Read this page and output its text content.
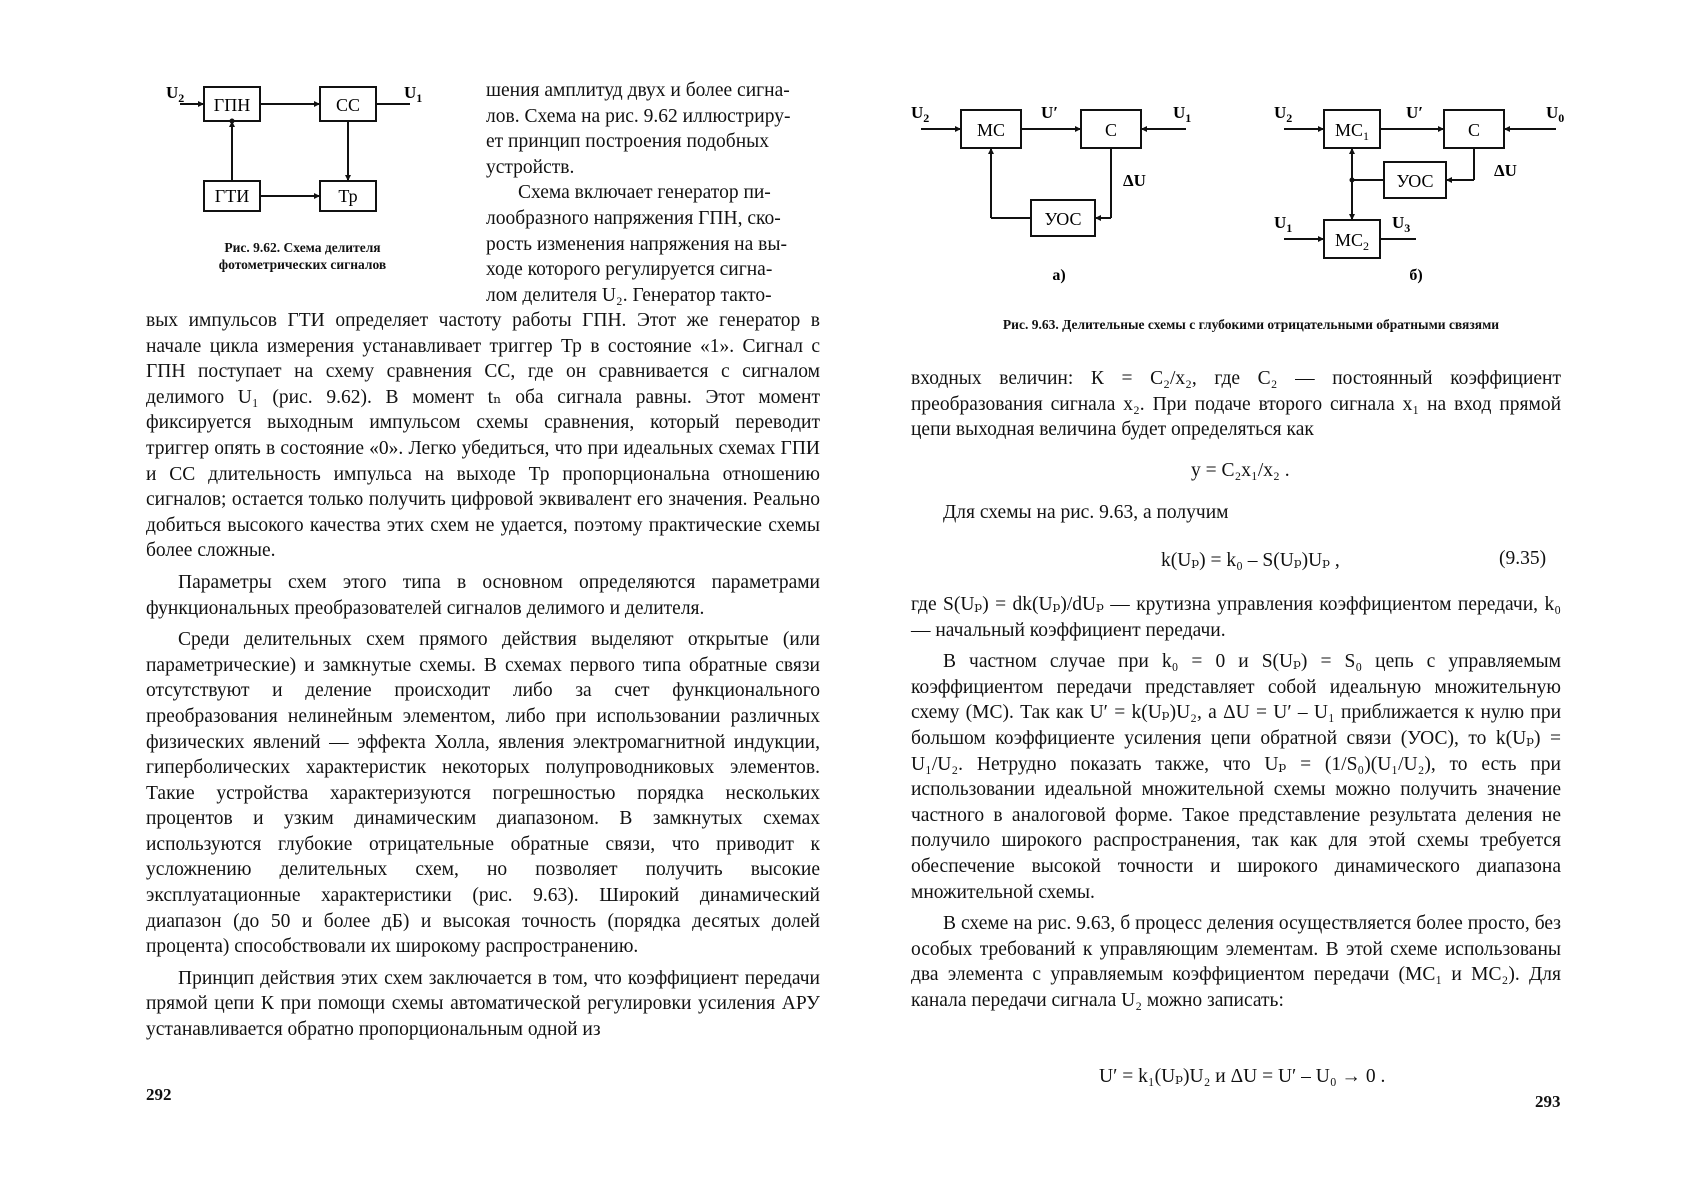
$U_2$	$U_1$
ГПН	СС
ГТИ	Тр
Рис. 9.62. Схема делителя
фотометрических сигналов
шения амплитуд двух и более сигна-
лов. Схема на рис. 9.62 иллюстриру-
ет принцип построения подобных
устройств.
Схема включает генератор пи-
лообразного напряжения ГПН, ско-
рость изменения напряжения на вы-
ходе которого регулируется сигна-
лом делителя U₂. Генератор такто-

вых импульсов ГТИ определяет частоту работы ГПН. Этот же генератор в начале цикла измерения устанавливает триггер Тр в состояние «1». Сигнал с ГПН поступает на схему сравнения СС, где он сравнивается с сигналом делимого U₁ (рис. 9.62). В момент tₙ оба сигнала равны. Этот момент фиксируется выходным импульсом схемы сравнения, который переводит триггер опять в состояние «0». Легко убедиться, что при идеальных схемах ГПИ и СС длительность импульса на выходе Тр пропорциональна отношению сигналов; остается только получить цифровой эквивалент его значения. Реально добиться высокого качества этих схем не удается, поэтому практические схемы более сложные.

Параметры схем этого типа в основном определяются параметрами функциональных преобразователей сигналов делимого и делителя.

Среди делительных схем прямого действия выделяют открытые (или параметрические) и замкнутые схемы. В схемах первого типа обратные связи отсутствуют и деление происходит либо за счет функционального преобразования нелинейным элементом, либо при использовании различных физических явлений — эффекта Холла, явления электромагнитной индукции, гиперболических характеристик некоторых полупроводниковых элементов. Такие устройства характеризуются погрешностью порядка нескольких процентов и узким динамическим диапазоном. В замкнутых схемах используются глубокие отрицательные обратные связи, что приводит к усложнению делительных схем, но позволяет получить высокие эксплуатационные характеристики (рис. 9.63). Широкий динамический диапазон (до 50 и более дБ) и высокая точность (порядка десятых долей процента) способствовали их широкому распространению.

Принцип действия этих схем заключается в том, что коэффициент передачи прямой цепи К при помощи схемы автоматической регулировки усиления АРУ устанавливается обратно пропорциональным одной из

292
$U_2$	U′	$U_1$
ΔU
МС	С
УОС
а)
$U_2$	U′	$U_0$
ΔU
$U_1$	$U_3$
$МС_1$	С
УОС
$МС_2$
б)
Рис. 9.63. Делительные схемы с глубокими отрицательными обратными связями

входных величин: К = C₂/x₂, где C₂ — постоянный коэффициент преобразования сигнала x₂. При подаче второго сигнала x₁ на вход прямой цепи выходная величина будет определяться как

y = C₂x₁/x₂ .

Для схемы на рис. 9.63, а получим

k(Uₚ) = k₀ – S(Uₚ)Uₚ ,	(9.35)

где S(Uₚ) = dk(Uₚ)/dUₚ — крутизна управления коэффициентом передачи, k₀ — начальный коэффициент передачи.

В частном случае при k₀ = 0 и S(Uₚ) = S₀ цепь с управляемым коэффициентом передачи представляет собой идеальную множительную схему (МС). Так как U′ = k(Uₚ)U₂, а ΔU = U′ – U₁ приближается к нулю при большом коэффициенте усиления цепи обратной связи (УОС), то k(Uₚ) = U₁/U₂. Нетрудно показать также, что Uₚ = (1/S₀)(U₁/U₂), то есть при использовании идеальной множительной схемы можно получить значение частного в аналоговой форме. Такое представление результата деления не получило широкого распространения, так как для этой схемы требуется обеспечение высокой точности и широкого динамического диапазона множительной схемы.

В схеме на рис. 9.63, б процесс деления осуществляется более просто, без особых требований к управляющим элементам. В этой схеме использованы два элемента с управляемым коэффициентом передачи (МС₁ и МС₂). Для канала передачи сигнала U₂ можно записать:

U′ = k₁(Uₚ)U₂ и ΔU = U′ – U₀ → 0 .
293
